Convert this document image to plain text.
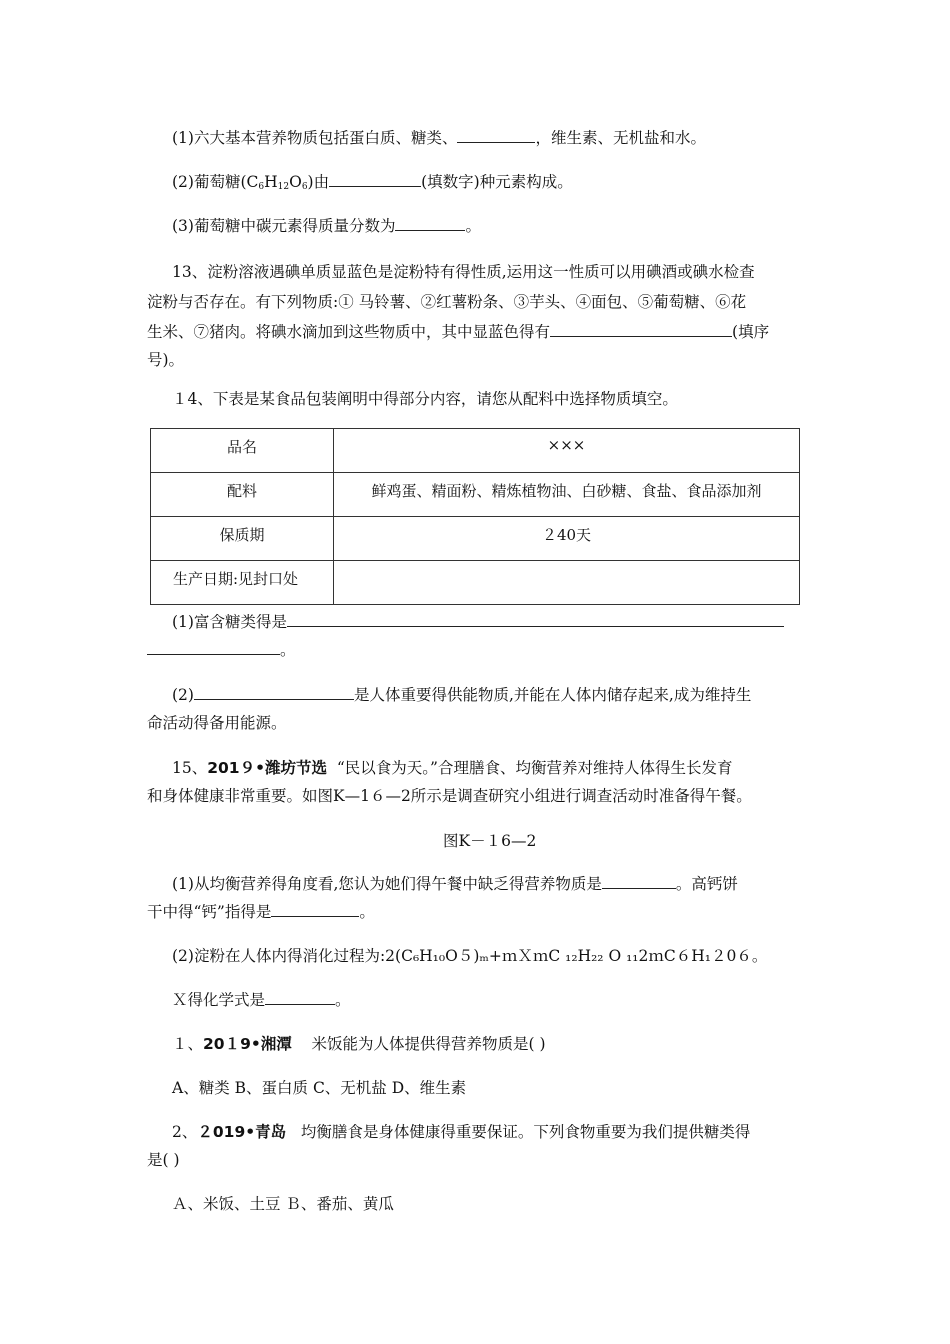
(1)六大基本营养物质包括蛋白质、糖类、	，维生素、无机盐和水。
(2)葡萄糖$(C_6H_{12}O_6)$由	(填数字)种元素构成。
(3)葡萄糖中碳元素得质量分数为	。
13、淀粉溶液遇碘单质显蓝色是淀粉特有得性质,运用这一性质可以用碘酒或碘水检查
淀粉与否存在。有下列物质:① 马铃薯、②红薯粉条、③芋头、④面包、⑤葡萄糖、⑥花
生米、⑦猪肉。将碘水滴加到这些物质中，其中显蓝色得有	(填序
号)。
１4、下表是某食品包装阐明中得部分内容，请您从配料中选择物质填空。
品名	×××

配料	鲜鸡蛋、精面粉、精炼植物油、白砂糖、食盐、食品添加剂

保质期	２40天

生产日期:见封口处	

(1)富含糖类得是
。
(2)	是人体重要得供能物质,并能在人体内储存起来,成为维持生
命活动得备用能源。
15、201９•潍坊节选 “民以食为天。”合理膳食、均衡营养对维持人体得生长发育
和身体健康非常重要。如图K—1６—2所示是调查研究小组进行调查活动时准备得午餐。
图K－１6—2
(1)从均衡营养得角度看,您认为她们得午餐中缺乏得营养物质是	。高钙饼
干中得“钙”指得是	。
(2)淀粉在人体内得消化过程为:2(C₆H₁₀O５)ₘ+ｍＸｍC ₁₂H₂₂ O ₁₁2ｍC６H₁２0６。
Ｘ得化学式是	。
１、20１9•湘潭 米饭能为人体提供得营养物质是( )
A、糖类 B、蛋白质 C、无机盐 D、维生素
2、２019•青岛 均衡膳食是身体健康得重要保证。下列食物重要为我们提供糖类得
是( )
Ａ、米饭、土豆 Ｂ、番茄、黄瓜
